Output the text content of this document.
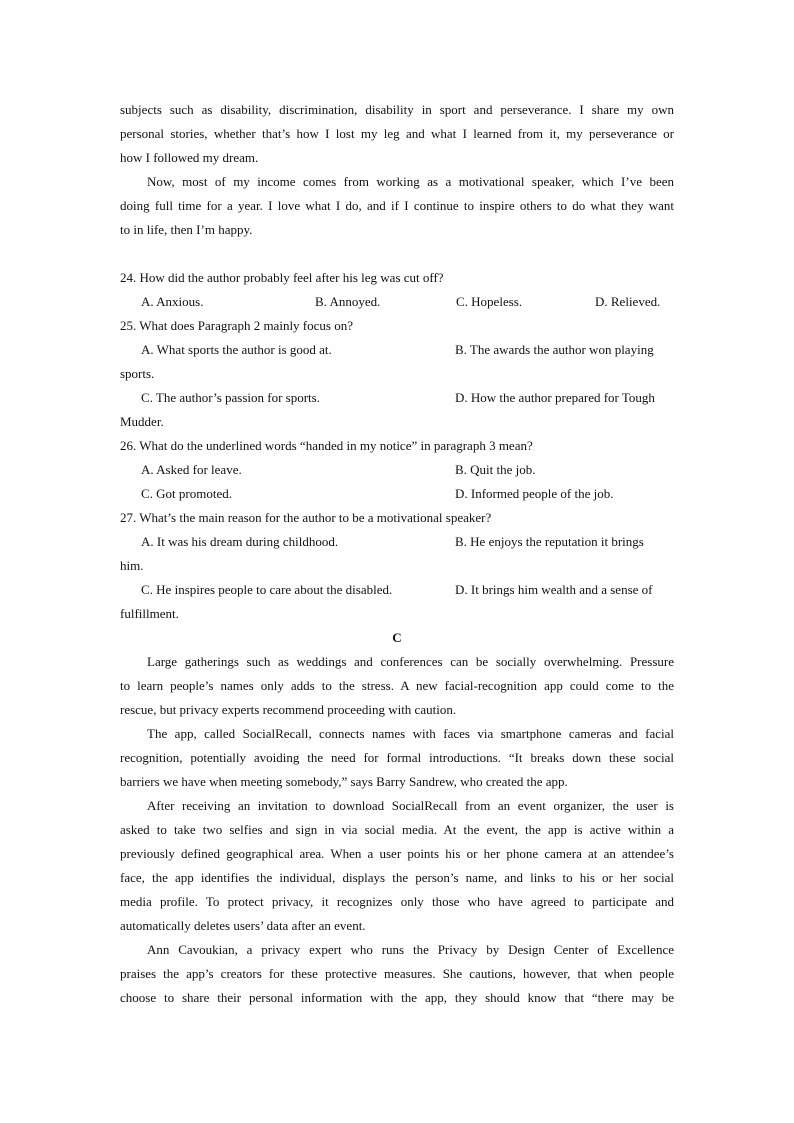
subjects such as disability, discrimination, disability in sport and perseverance. I share my own
personal stories, whether that’s how I lost my leg and what I learned from it, my perseverance or
how I followed my dream.
Now, most of my income comes from working as a motivational speaker, which I’ve been
doing full time for a year. I love what I do, and if I continue to inspire others to do what they want
to in life, then I’m happy.
24. How did the author probably feel after his leg was cut off?
A. Anxious.	B. Annoyed.	C. Hopeless.	D. Relieved.
25. What does Paragraph 2 mainly focus on?
A. What sports the author is good at.	B. The awards the author won playing
sports.
C. The author’s passion for sports.	D. How the author prepared for Tough
Mudder.
26. What do the underlined words “handed in my notice” in paragraph 3 mean?
A. Asked for leave.	B. Quit the job.
C. Got promoted.	D. Informed people of the job.
27. What’s the main reason for the author to be a motivational speaker?
A. It was his dream during childhood.	B. He enjoys the reputation it brings
him.
C. He inspires people to care about the disabled.	D. It brings him wealth and a sense of
fulfillment.
C
Large gatherings such as weddings and conferences can be socially overwhelming. Pressure
to learn people’s names only adds to the stress. A new facial-recognition app could come to the
rescue, but privacy experts recommend proceeding with caution.
The app, called SocialRecall, connects names with faces via smartphone cameras and facial
recognition, potentially avoiding the need for formal introductions. “It breaks down these social
barriers we have when meeting somebody,” says Barry Sandrew, who created the app.
After receiving an invitation to download SocialRecall from an event organizer, the user is
asked to take two selfies and sign in via social media. At the event, the app is active within a
previously defined geographical area. When a user points his or her phone camera at an attendee’s
face, the app identifies the individual, displays the person’s name, and links to his or her social
media profile. To protect privacy, it recognizes only those who have agreed to participate and
automatically deletes users’ data after an event.
Ann Cavoukian, a privacy expert who runs the Privacy by Design Center of Excellence
praises the app’s creators for these protective measures. She cautions, however, that when people
choose to share their personal information with the app, they should know that “there may be
